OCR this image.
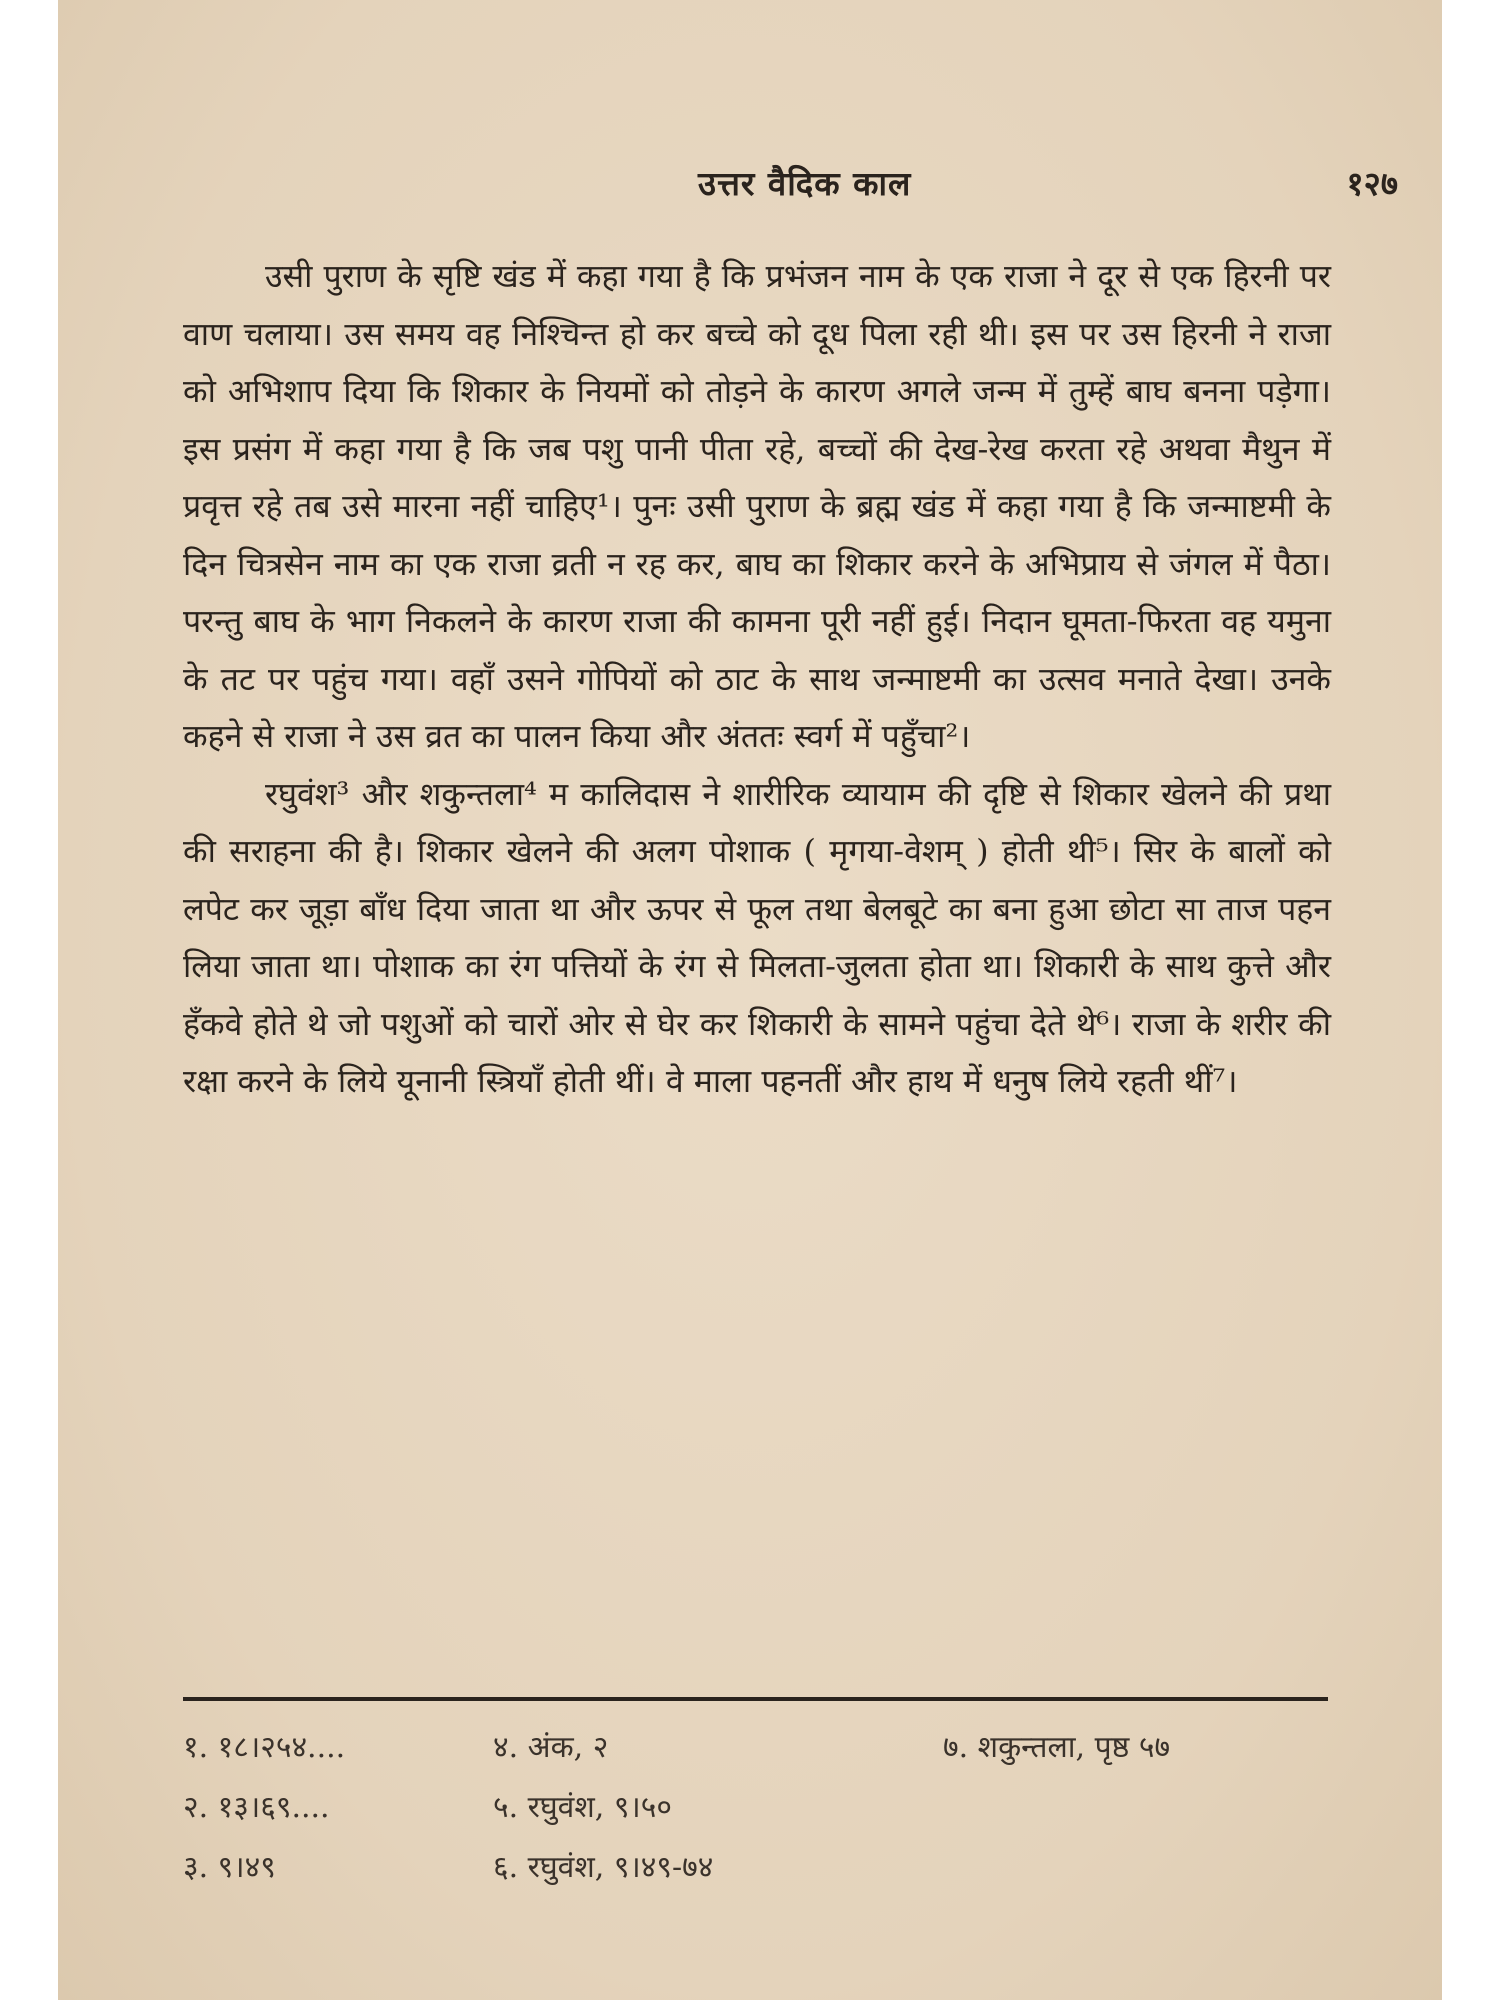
उत्तर वैदिक काल	१२७

उसी पुराण के सृष्टि खंड में कहा गया है कि प्रभंजन नाम के एक राजा ने दूर से एक हिरनी पर वाण चलाया। उस समय वह निश्चिन्त हो कर बच्चे को दूध पिला रही थी। इस पर उस हिरनी ने राजा को अभिशाप दिया कि शिकार के नियमों को तोड़ने के कारण अगले जन्म में तुम्हें बाघ बनना पड़ेगा। इस प्रसंग में कहा गया है कि जब पशु पानी पीता रहे, बच्चों की देख-रेख करता रहे अथवा मैथुन में प्रवृत्त रहे तब उसे मारना नहीं चाहिए¹। पुनः उसी पुराण के ब्रह्म खंड में कहा गया है कि जन्माष्टमी के दिन चित्रसेन नाम का एक राजा व्रती न रह कर, बाघ का शिकार करने के अभिप्राय से जंगल में पैठा। परन्तु बाघ के भाग निकलने के कारण राजा की कामना पूरी नहीं हुई। निदान घूमता-फिरता वह यमुना के तट पर पहुंच गया। वहाँ उसने गोपियों को ठाट के साथ जन्माष्टमी का उत्सव मनाते देखा। उनके कहने से राजा ने उस व्रत का पालन किया और अंततः स्वर्ग में पहुँचा²।

रघुवंश³ और शकुन्तला⁴ म कालिदास ने शारीरिक व्यायाम की दृष्टि से शिकार खेलने की प्रथा की सराहना की है। शिकार खेलने की अलग पोशाक ( मृगया-वेशम् ) होती थी⁵। सिर के बालों को लपेट कर जूड़ा बाँध दिया जाता था और ऊपर से फूल तथा बेलबूटे का बना हुआ छोटा सा ताज पहन लिया जाता था। पोशाक का रंग पत्तियों के रंग से मिलता-जुलता होता था। शिकारी के साथ कुत्ते और हँकवे होते थे जो पशुओं को चारों ओर से घेर कर शिकारी के सामने पहुंचा देते थे⁶। राजा के शरीर की रक्षा करने के लिये यूनानी स्त्रियाँ होती थीं। वे माला पहनतीं और हाथ में धनुष लिये रहती थीं⁷।

१. १८।२५४....
२. १३।६९....
३. ९।४९
४. अंक, २
५. रघुवंश, ९।५०
६. रघुवंश, ९।४९-७४
७. शकुन्तला, पृष्ठ ५७
